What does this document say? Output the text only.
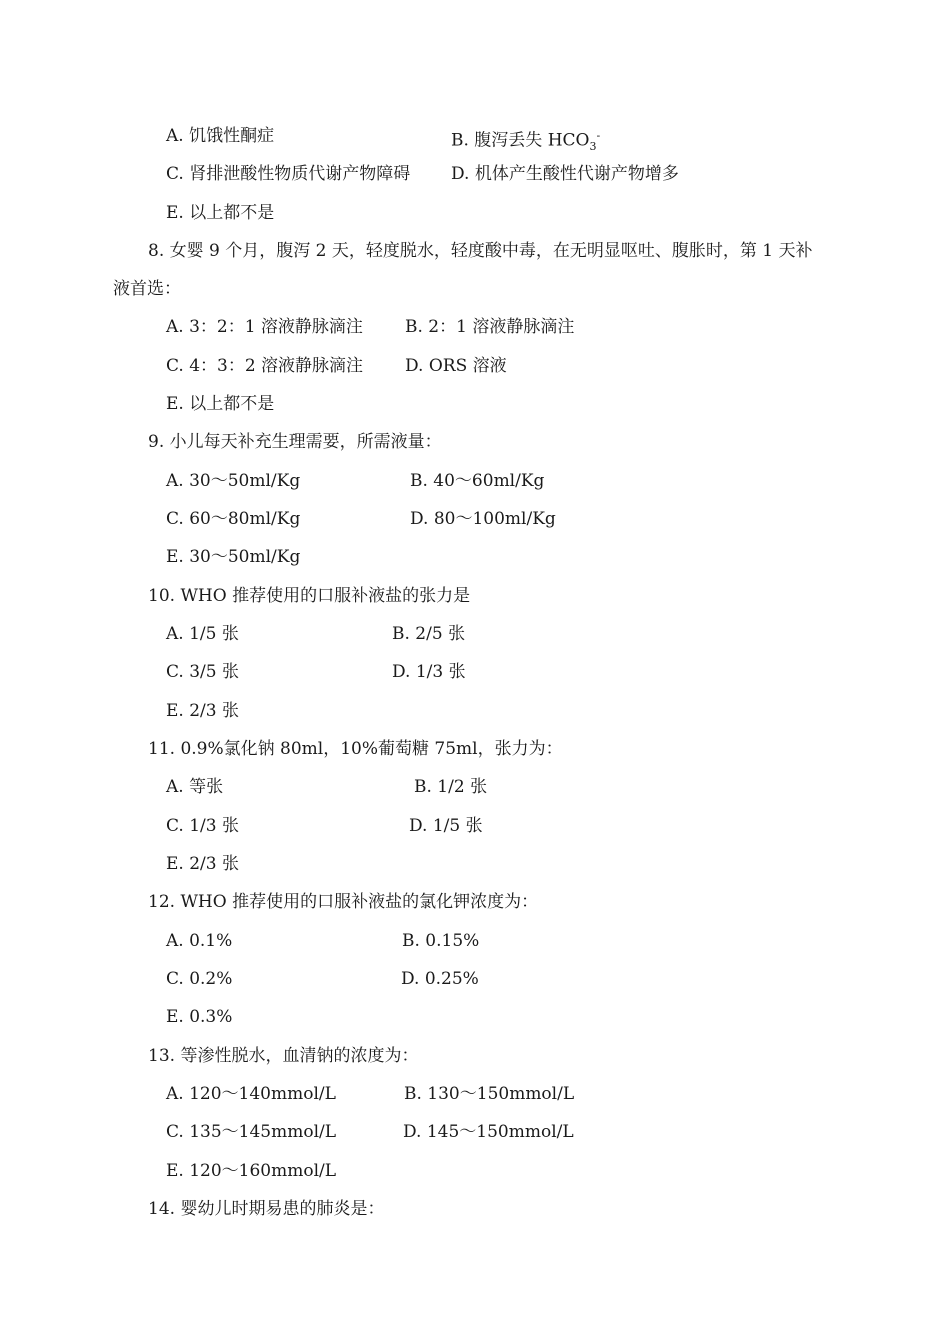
A. 饥饿性酮症	B. 腹泻丢失 $HCO_3^-$
C. 肾排泄酸性物质代谢产物障碍 D. 机体产生酸性代谢产物增多
E. 以上都不是
8. 女婴 9 个月，腹泻 2 天，轻度脱水，轻度酸中毒，在无明显呕吐、腹胀时，第 1 天补
液首选：
A. 3：2：1 溶液静脉滴注 B. 2：1 溶液静脉滴注
C. 4：3：2 溶液静脉滴注 D. ORS 溶液
E. 以上都不是
9. 小儿每天补充生理需要，所需液量：
A. 30～50ml/Kg	B. 40～60ml/Kg
C. 60～80ml/Kg	D. 80～100ml/Kg
E. 30～50ml/Kg
10. WHO 推荐使用的口服补液盐的张力是
A. 1/5 张	B. 2/5 张
C. 3/5 张	D. 1/3 张
E. 2/3 张
11. 0.9%氯化钠 80ml，10%葡萄糖 75ml，张力为：
A. 等张	B. 1/2 张
C. 1/3 张	D. 1/5 张
E. 2/3 张
12. WHO 推荐使用的口服补液盐的氯化钾浓度为：
A. 0.1%	B. 0.15%
C. 0.2%	D. 0.25%
E. 0.3%
13. 等渗性脱水，血清钠的浓度为：
A. 120～140mmol/L	B. 130～150mmol/L
C. 135～145mmol/L	D. 145～150mmol/L
E. 120～160mmol/L
14. 婴幼儿时期易患的肺炎是：
